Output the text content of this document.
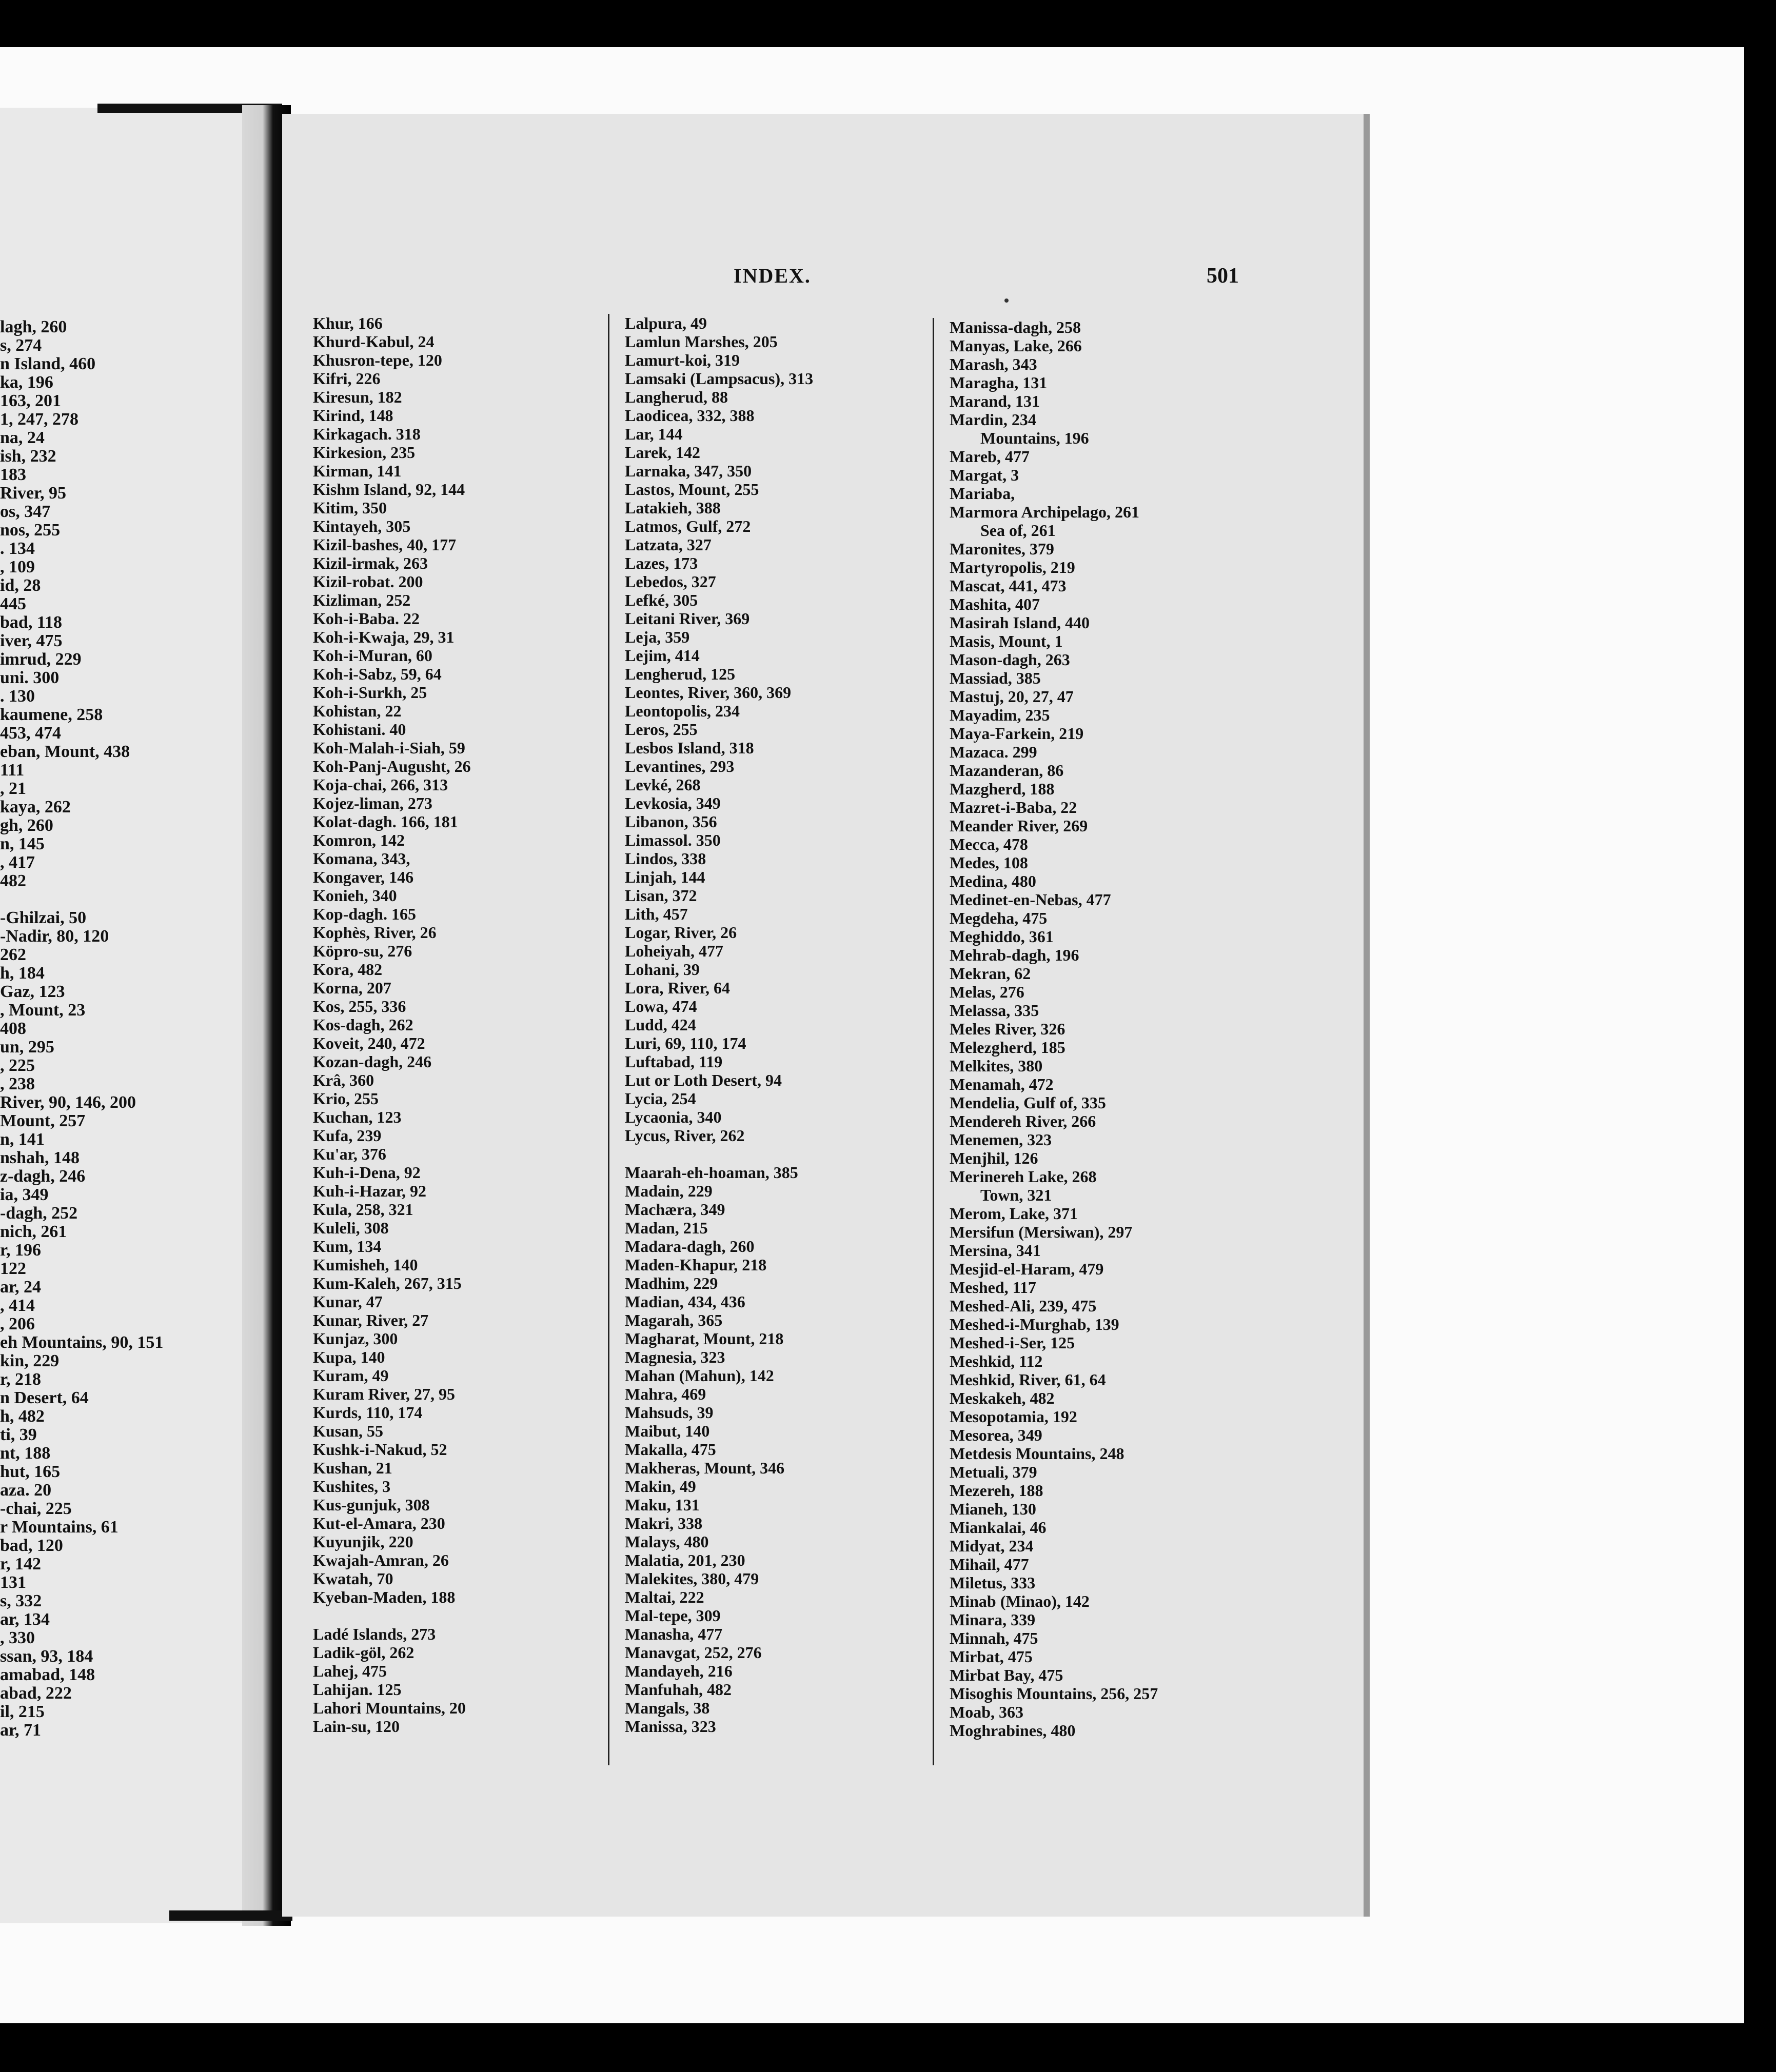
lagh, 260
s, 274
n Island, 460
ka, 196
163, 201
1, 247, 278
na, 24
ish, 232
183
River, 95
os, 347
nos, 255
. 134
, 109
id, 28
445
bad, 118
iver, 475
imrud, 229
uni. 300
. 130
kaumene, 258
453, 474
eban, Mount, 438
111
, 21
kaya, 262
gh, 260
n, 145
, 417
482
-Ghilzai, 50
-Nadir, 80, 120
262
h, 184
Gaz, 123
, Mount, 23
408
un, 295
, 225
, 238
River, 90, 146, 200
Mount, 257
n, 141
nshah, 148
z-dagh, 246
ia, 349
-dagh, 252
nich, 261
r, 196
122
ar, 24
, 414
, 206
eh Mountains, 90, 151
kin, 229
r, 218
n Desert, 64
h, 482
ti, 39
nt, 188
hut, 165
aza. 20
-chai, 225
r Mountains, 61
bad, 120
r, 142
131
s, 332
ar, 134
, 330
ssan, 93, 184
amabad, 148
abad, 222
il, 215
ar, 71
INDEX.	501
Khur, 166
Khurd-Kabul, 24
Khusron-tepe, 120
Kifri, 226
Kiresun, 182
Kirind, 148
Kirkagach. 318
Kirkesion, 235
Kirman, 141
Kishm Island, 92, 144
Kitim, 350
Kintayeh, 305
Kizil-bashes, 40, 177
Kizil-irmak, 263
Kizil-robat. 200
Kizliman, 252
Koh-i-Baba. 22
Koh-i-Kwaja, 29, 31
Koh-i-Muran, 60
Koh-i-Sabz, 59, 64
Koh-i-Surkh, 25
Kohistan, 22
Kohistani. 40
Koh-Malah-i-Siah, 59
Koh-Panj-Augusht, 26
Koja-chai, 266, 313
Kojez-liman, 273
Kolat-dagh. 166, 181
Komron, 142
Komana, 343,
Kongaver, 146
Konieh, 340
Kop-dagh. 165
Kophès, River, 26
Köpro-su, 276
Kora, 482
Korna, 207
Kos, 255, 336
Kos-dagh, 262
Koveit, 240, 472
Kozan-dagh, 246
Krâ, 360
Krio, 255
Kuchan, 123
Kufa, 239
Ku'ar, 376
Kuh-i-Dena, 92
Kuh-i-Hazar, 92
Kula, 258, 321
Kuleli, 308
Kum, 134
Kumisheh, 140
Kum-Kaleh, 267, 315
Kunar, 47
Kunar, River, 27
Kunjaz, 300
Kupa, 140
Kuram, 49
Kuram River, 27, 95
Kurds, 110, 174
Kusan, 55
Kushk-i-Nakud, 52
Kushan, 21
Kushites, 3
Kus-gunjuk, 308
Kut-el-Amara, 230
Kuyunjik, 220
Kwajah-Amran, 26
Kwatah, 70
Kyeban-Maden, 188
Ladé Islands, 273
Ladik-göl, 262
Lahej, 475
Lahijan. 125
Lahori Mountains, 20
Lain-su, 120
Lalpura, 49
Lamlun Marshes, 205
Lamurt-koi, 319
Lamsaki (Lampsacus), 313
Langherud, 88
Laodicea, 332, 388
Lar, 144
Larek, 142
Larnaka, 347, 350
Lastos, Mount, 255
Latakieh, 388
Latmos, Gulf, 272
Latzata, 327
Lazes, 173
Lebedos, 327
Lefké, 305
Leitani River, 369
Leja, 359
Lejim, 414
Lengherud, 125
Leontes, River, 360, 369
Leontopolis, 234
Leros, 255
Lesbos Island, 318
Levantines, 293
Levké, 268
Levkosia, 349
Libanon, 356
Limassol. 350
Lindos, 338
Linjah, 144
Lisan, 372
Lith, 457
Logar, River, 26
Loheiyah, 477
Lohani, 39
Lora, River, 64
Lowa, 474
Ludd, 424
Luri, 69, 110, 174
Luftabad, 119
Lut or Loth Desert, 94
Lycia, 254
Lycaonia, 340
Lycus, River, 262
Maarah-eh-hoaman, 385
Madain, 229
Machæra, 349
Madan, 215
Madara-dagh, 260
Maden-Khapur, 218
Madhim, 229
Madian, 434, 436
Magarah, 365
Magharat, Mount, 218
Magnesia, 323
Mahan (Mahun), 142
Mahra, 469
Mahsuds, 39
Maibut, 140
Makalla, 475
Makheras, Mount, 346
Makin, 49
Maku, 131
Makri, 338
Malays, 480
Malatia, 201, 230
Malekites, 380, 479
Maltai, 222
Mal-tepe, 309
Manasha, 477
Manavgat, 252, 276
Mandayeh, 216
Manfuhah, 482
Mangals, 38
Manissa, 323
Manissa-dagh, 258
Manyas, Lake, 266
Marash, 343
Maragha, 131
Marand, 131
Mardin, 234
Mountains, 196
Mareb, 477
Margat, 3
Mariaba,
Marmora Archipelago, 261
Sea of, 261
Maronites, 379
Martyropolis, 219
Mascat, 441, 473
Mashita, 407
Masirah Island, 440
Masis, Mount, 1
Mason-dagh, 263
Massiad, 385
Mastuj, 20, 27, 47
Mayadim, 235
Maya-Farkein, 219
Mazaca. 299
Mazanderan, 86
Mazgherd, 188
Mazret-i-Baba, 22
Meander River, 269
Mecca, 478
Medes, 108
Medina, 480
Medinet-en-Nebas, 477
Megdeha, 475
Meghiddo, 361
Mehrab-dagh, 196
Mekran, 62
Melas, 276
Melassa, 335
Meles River, 326
Melezgherd, 185
Melkites, 380
Menamah, 472
Mendelia, Gulf of, 335
Mendereh River, 266
Menemen, 323
Menjhil, 126
Merinereh Lake, 268
Town, 321
Merom, Lake, 371
Mersifun (Mersiwan), 297
Mersina, 341
Mesjid-el-Haram, 479
Meshed, 117
Meshed-Ali, 239, 475
Meshed-i-Murghab, 139
Meshed-i-Ser, 125
Meshkid, 112
Meshkid, River, 61, 64
Meskakeh, 482
Mesopotamia, 192
Mesorea, 349
Metdesis Mountains, 248
Metuali, 379
Mezereh, 188
Mianeh, 130
Miankalai, 46
Midyat, 234
Mihail, 477
Miletus, 333
Minab (Minao), 142
Minara, 339
Minnah, 475
Mirbat, 475
Mirbat Bay, 475
Misoghis Mountains, 256, 257
Moab, 363
Moghrabines, 480
